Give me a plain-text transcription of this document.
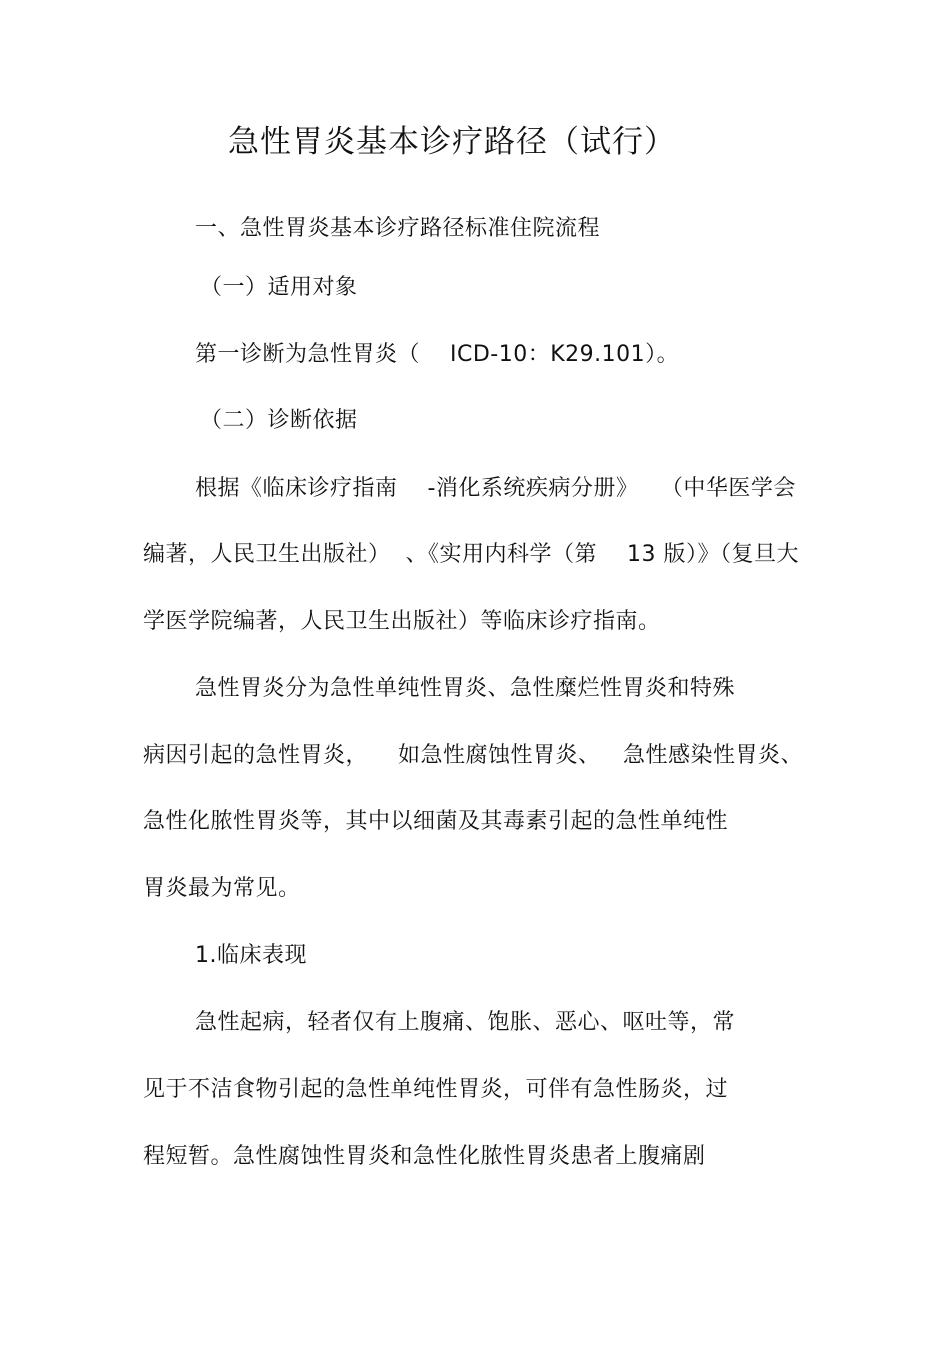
急性胃炎基本诊疗路径（试行）
一、急性胃炎基本诊疗路径标准住院流程
（一）适用对象
第一诊断为急性胃炎（    ICD-10：K29.101）。
（二）诊断依据
根据《临床诊疗指南    -消化系统疾病分册》   （中华医学会
编著，人民卫生出版社）  、《实用内科学（第    13 版）》（复旦大
学医学院编著，人民卫生出版社）等临床诊疗指南。
急性胃炎分为急性单纯性胃炎、急性糜烂性胃炎和特殊
病因引起的急性胃炎，    如急性腐蚀性胃炎、   急性感染性胃炎、
急性化脓性胃炎等，其中以细菌及其毒素引起的急性单纯性
胃炎最为常见。
1.临床表现
急性起病，轻者仅有上腹痛、饱胀、恶心、呕吐等，常
见于不洁食物引起的急性单纯性胃炎，可伴有急性肠炎，过
程短暂。急性腐蚀性胃炎和急性化脓性胃炎患者上腹痛剧
